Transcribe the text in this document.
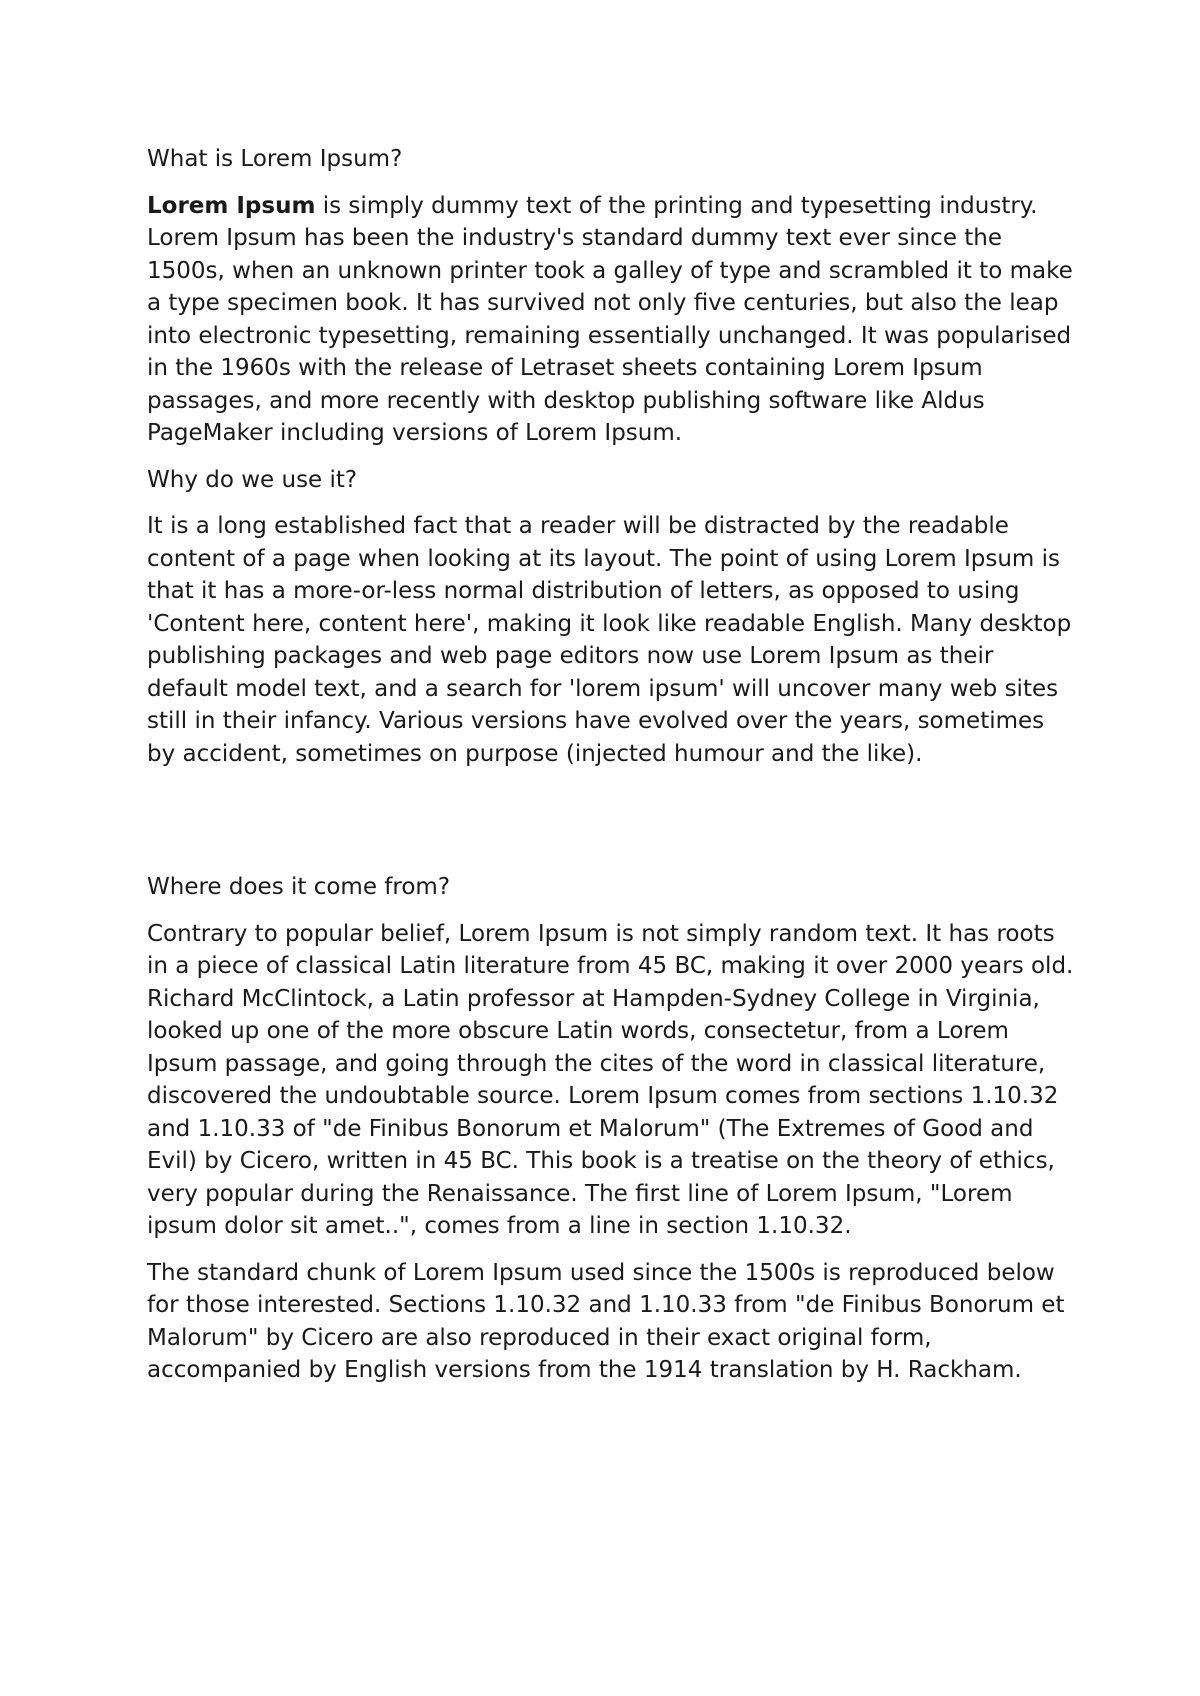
What is Lorem Ipsum?

Lorem Ipsum is simply dummy text of the printing and typesetting industry. Lorem Ipsum has been the industry's standard dummy text ever since the 1500s, when an unknown printer took a galley of type and scrambled it to make a type specimen book. It has survived not only five centuries, but also the leap into electronic typesetting, remaining essentially unchanged. It was popularised in the 1960s with the release of Letraset sheets containing Lorem Ipsum passages, and more recently with desktop publishing software like Aldus PageMaker including versions of Lorem Ipsum.

Why do we use it?

It is a long established fact that a reader will be distracted by the readable content of a page when looking at its layout. The point of using Lorem Ipsum is that it has a more-or-less normal distribution of letters, as opposed to using 'Content here, content here', making it look like readable English. Many desktop publishing packages and web page editors now use Lorem Ipsum as their default model text, and a search for 'lorem ipsum' will uncover many web sites still in their infancy. Various versions have evolved over the years, sometimes by accident, sometimes on purpose (injected humour and the like).

Where does it come from?

Contrary to popular belief, Lorem Ipsum is not simply random text. It has roots in a piece of classical Latin literature from 45 BC, making it over 2000 years old. Richard McClintock, a Latin professor at Hampden-Sydney College in Virginia, looked up one of the more obscure Latin words, consectetur, from a Lorem Ipsum passage, and going through the cites of the word in classical literature, discovered the undoubtable source. Lorem Ipsum comes from sections 1.10.32 and 1.10.33 of "de Finibus Bonorum et Malorum" (The Extremes of Good and Evil) by Cicero, written in 45 BC. This book is a treatise on the theory of ethics, very popular during the Renaissance. The first line of Lorem Ipsum, "Lorem ipsum dolor sit amet..", comes from a line in section 1.10.32.

The standard chunk of Lorem Ipsum used since the 1500s is reproduced below for those interested. Sections 1.10.32 and 1.10.33 from "de Finibus Bonorum et Malorum" by Cicero are also reproduced in their exact original form, accompanied by English versions from the 1914 translation by H. Rackham.
